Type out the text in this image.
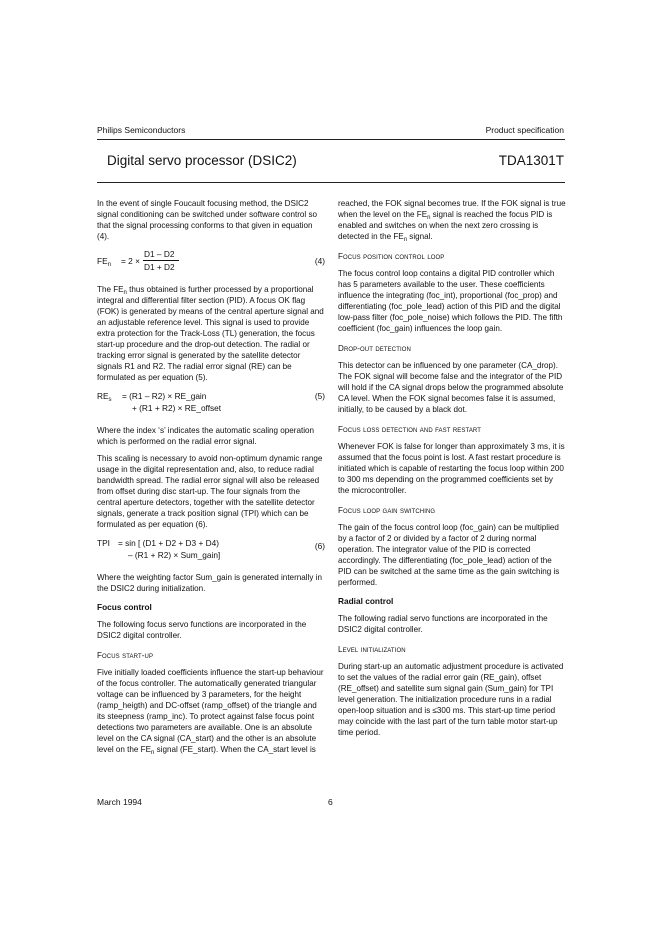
Philips Semiconductors	Product specification
Digital servo processor (DSIC2)	TDA1301T

In the event of single Foucault focusing method, the DSIC2 signal conditioning can be switched under software control so that the signal processing conforms to that given in equation (4).

$FE_n = 2$ ×
D1 – D2
D1 + D2
(4)

The $FE_n$ thus obtained is further processed by a proportional integral and differential filter section (PID). A focus OK flag (FOK) is generated by means of the central aperture signal and an adjustable reference level. This signal is used to provide extra protection for the Track-Loss (TL) generation, the focus start-up procedure and the drop-out detection. The radial or tracking error signal is generated by the satellite detector signals R1 and R2. The radial error signal (RE) can be formulated as per equation (5).

$RE_s = (R1 - R2)$ × RE_gain
+ (R1 + R2) × RE_offset
(5)

Where the index ‘s’ indicates the automatic scaling operation which is performed on the radial error signal.

This scaling is necessary to avoid non-optimum dynamic range usage in the digital representation and, also, to reduce radial bandwidth spread. The radial error signal will also be released from offset during disc start-up. The four signals from the central aperture detectors, together with the satellite detector signals, generate a track position signal (TPI) which can be formulated as per equation (6).

TPI = sin [ (D1 + D2 + D3 + D4)
– (R1 + R2) × Sum_gain]
(6)

Where the weighting factor Sum_gain is generated internally in the DSIC2 during initialization.

Focus control

The following focus servo functions are incorporated in the DSIC2 digital controller.

Focus start-up

Five initially loaded coefficients influence the start-up behaviour of the focus controller. The automatically generated triangular voltage can be influenced by 3 parameters, for the height (ramp_heigth) and DC-offset (ramp_offset) of the triangle and its steepness (ramp_inc). To protect against false focus point detections two parameters are available. One is an absolute level on the CA signal (CA_start) and the other is an absolute level on the $FE_n$ signal (FE_start). When the CA_start level is

reached, the FOK signal becomes true. If the FOK signal is true when the level on the $FE_n$ signal is reached the focus PID is enabled and switches on when the next zero crossing is detected in the $FE_n$ signal.

Focus position control loop

The focus control loop contains a digital PID controller which has 5 parameters available to the user. These coefficients influence the integrating (foc_int), proportional (foc_prop) and differentiating (foc_pole_lead) action of this PID and the digital low-pass filter (foc_pole_noise) which follows the PID. The fifth coefficient (foc_gain) influences the loop gain.

Drop-out detection

This detector can be influenced by one parameter (CA_drop). The FOK signal will become false and the integrator of the PID will hold if the CA signal drops below the programmed absolute CA level. When the FOK signal becomes false it is assumed, initially, to be caused by a black dot.

Focus loss detection and fast restart

Whenever FOK is false for longer than approximately 3 ms, it is assumed that the focus point is lost. A fast restart procedure is initiated which is capable of restarting the focus loop within 200 to 300 ms depending on the programmed coefficients set by the microcontroller.

Focus loop gain switching

The gain of the focus control loop (foc_gain) can be multiplied by a factor of 2 or divided by a factor of 2 during normal operation. The integrator value of the PID is corrected accordingly. The differentiating (foc_pole_lead) action of the PID can be switched at the same time as the gain switching is performed.

Radial control

The following radial servo functions are incorporated in the DSIC2 digital controller.

Level initialization

During start-up an automatic adjustment procedure is activated to set the values of the radial error gain (RE_gain), offset (RE_offset) and satellite sum signal gain (Sum_gain) for TPI level generation. The initialization procedure runs in a radial open-loop situation and is ≤300 ms. This start-up time period may coincide with the last part of the turn table motor start-up time period.

March 1994	6
